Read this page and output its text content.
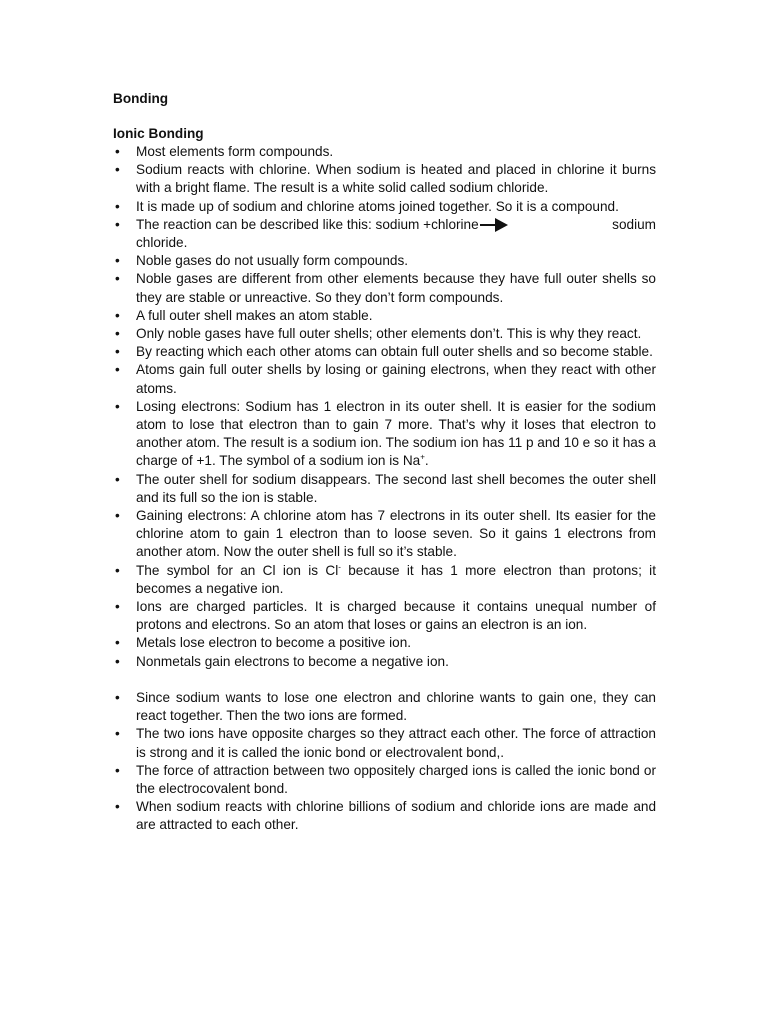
Bonding
Ionic Bonding
• Most elements form compounds.
• Sodium reacts with chlorine. When sodium is heated and placed in chlorine it burns with a bright flame. The result is a white solid called sodium chloride.
• It is made up of sodium and chlorine atoms joined together. So it is a compound.
• The reaction can be described like this: sodium +chlorine	sodium
chloride.
• Noble gases do not usually form compounds.
• Noble gases are different from other elements because they have full outer shells so they are stable or unreactive. So they don’t form compounds.
• A full outer shell makes an atom stable.
• Only noble gases have full outer shells; other elements don’t. This is why they react.
• By reacting which each other atoms can obtain full outer shells and so become stable.
• Atoms gain full outer shells by losing or gaining electrons, when they react with other atoms.
• Losing electrons: Sodium has 1 electron in its outer shell. It is easier for the sodium atom to lose that electron than to gain 7 more. That’s why it loses that electron to another atom. The result is a sodium ion. The sodium ion has 11 p and 10 e so it has a charge of +1. The symbol of a sodium ion is Na+.
• The outer shell for sodium disappears. The second last shell becomes the outer shell and its full so the ion is stable.
• Gaining electrons: A chlorine atom has 7 electrons in its outer shell. Its easier for the chlorine atom to gain 1 electron than to loose seven. So it gains 1 electrons from another atom. Now the outer shell is full so it’s stable.
• The symbol for an Cl ion is Cl- because it has 1 more electron than protons; it becomes a negative ion.
• Ions are charged particles. It is charged because it contains unequal number of protons and electrons. So an atom that loses or gains an electron is an ion.
• Metals lose electron to become a positive ion.
• Nonmetals gain electrons to become a negative ion.
• Since sodium wants to lose one electron and chlorine wants to gain one, they can react together. Then the two ions are formed.
• The two ions have opposite charges so they attract each other. The force of attraction is strong and it is called the ionic bond or electrovalent bond,.
• The force of attraction between two oppositely charged ions is called the ionic bond or the electrocovalent bond.
• When sodium reacts with chlorine billions of sodium and chloride ions are made and are attracted to each other.
